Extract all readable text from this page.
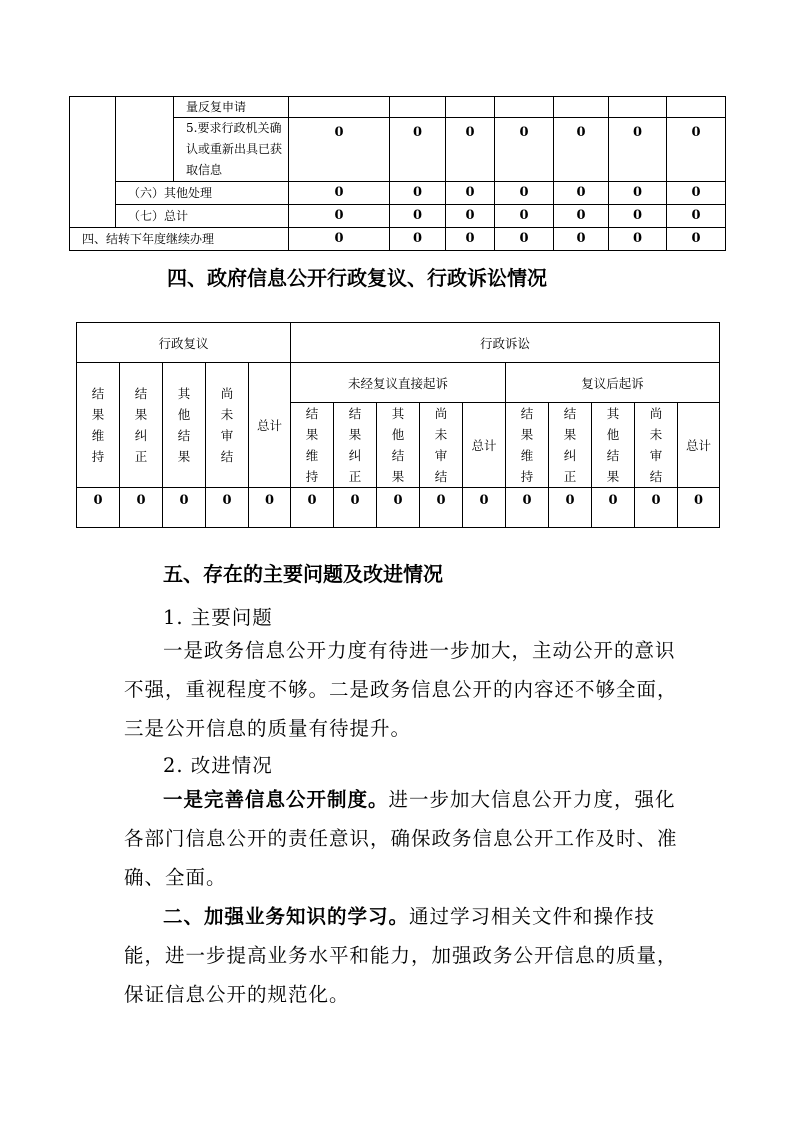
		量反复申请							
		5.要求行政机关确认或重新出具已获取信息	0	0	0	0	0	0	0
	（六）其他处理		0	0	0	0	0	0	0
	（七）总计		0	0	0	0	0	0	0
四、结转下年度继续办理			0	0	0	0	0	0	0
四、政府信息公开行政复议、行政诉讼情况
行政复议					行政诉讼									

结果维持	结果纠正	其他结果	尚未审结	总计	未经复议直接起诉					复议后起诉				

					结果维持	结果纠正	其他结果	尚未审结	总计	结果维持	结果纠正	其他结果	尚未审结	总计
0	0	0	0	0	0	0	0	0	0	0	0	0	0	0
五、存在的主要问题及改进情况
1. 主要问题
一是政务信息公开力度有待进一步加大，主动公开的意识不强，重视程度不够。二是政务信息公开的内容还不够全面，三是公开信息的质量有待提升。
2. 改进情况
一是完善信息公开制度。进一步加大信息公开力度，强化各部门信息公开的责任意识，确保政务信息公开工作及时、准确、全面。
二、加强业务知识的学习。通过学习相关文件和操作技能，进一步提高业务水平和能力，加强政务公开信息的质量，保证信息公开的规范化。
